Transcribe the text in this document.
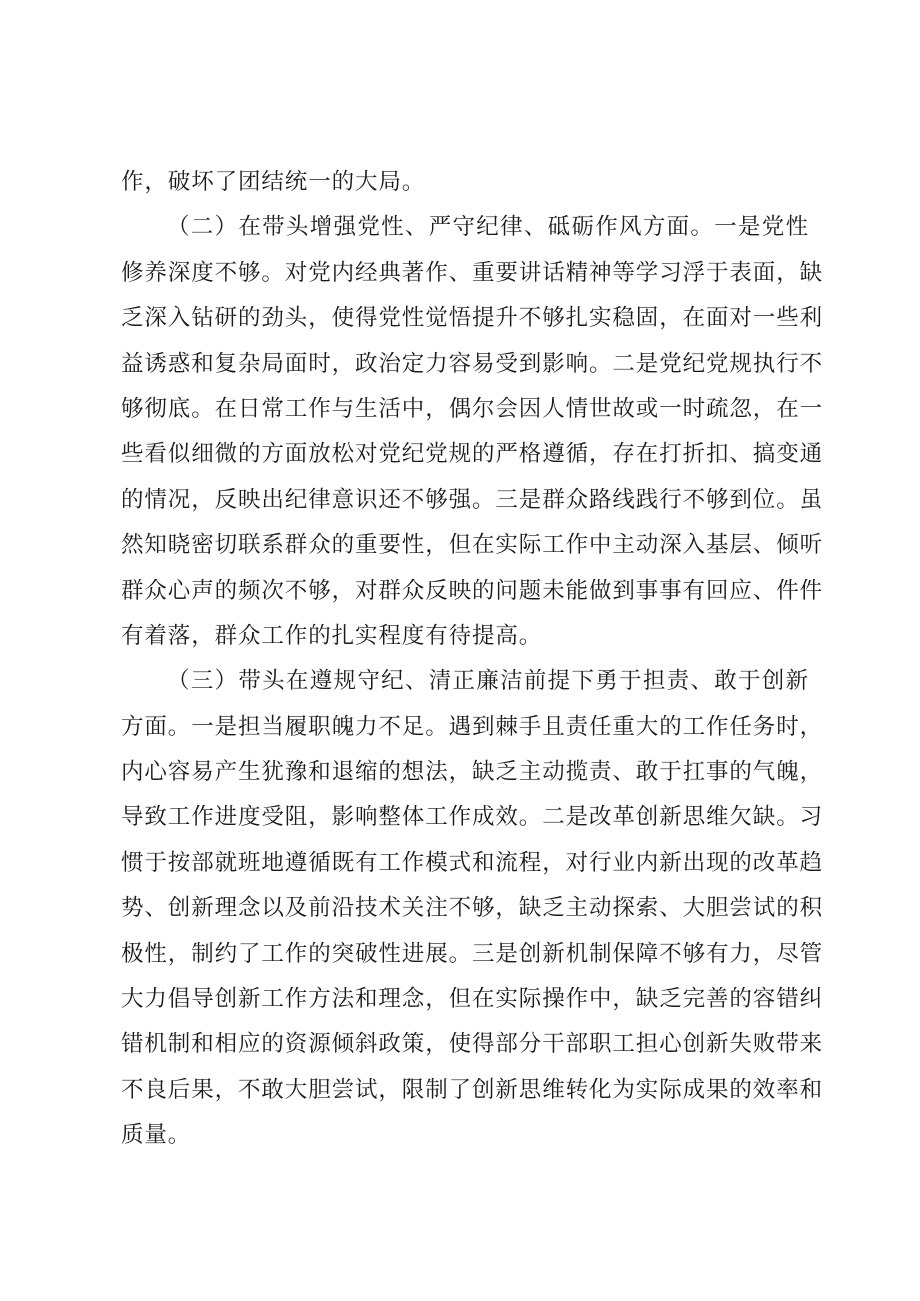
作，破坏了团结统一的大局。
（二）在带头增强党性、严守纪律、砥砺作风方面。一是党性
修养深度不够。对党内经典著作、重要讲话精神等学习浮于表面，缺
乏深入钻研的劲头，使得党性觉悟提升不够扎实稳固，在面对一些利
益诱惑和复杂局面时，政治定力容易受到影响。二是党纪党规执行不
够彻底。在日常工作与生活中，偶尔会因人情世故或一时疏忽，在一
些看似细微的方面放松对党纪党规的严格遵循，存在打折扣、搞变通
的情况，反映出纪律意识还不够强。三是群众路线践行不够到位。虽
然知晓密切联系群众的重要性，但在实际工作中主动深入基层、倾听
群众心声的频次不够，对群众反映的问题未能做到事事有回应、件件
有着落，群众工作的扎实程度有待提高。
（三）带头在遵规守纪、清正廉洁前提下勇于担责、敢于创新
方面。一是担当履职魄力不足。遇到棘手且责任重大的工作任务时，
内心容易产生犹豫和退缩的想法，缺乏主动揽责、敢于扛事的气魄，
导致工作进度受阻，影响整体工作成效。二是改革创新思维欠缺。习
惯于按部就班地遵循既有工作模式和流程，对行业内新出现的改革趋
势、创新理念以及前沿技术关注不够，缺乏主动探索、大胆尝试的积
极性，制约了工作的突破性进展。三是创新机制保障不够有力，尽管
大力倡导创新工作方法和理念，但在实际操作中，缺乏完善的容错纠
错机制和相应的资源倾斜政策，使得部分干部职工担心创新失败带来
不良后果，不敢大胆尝试，限制了创新思维转化为实际成果的效率和
质量。
